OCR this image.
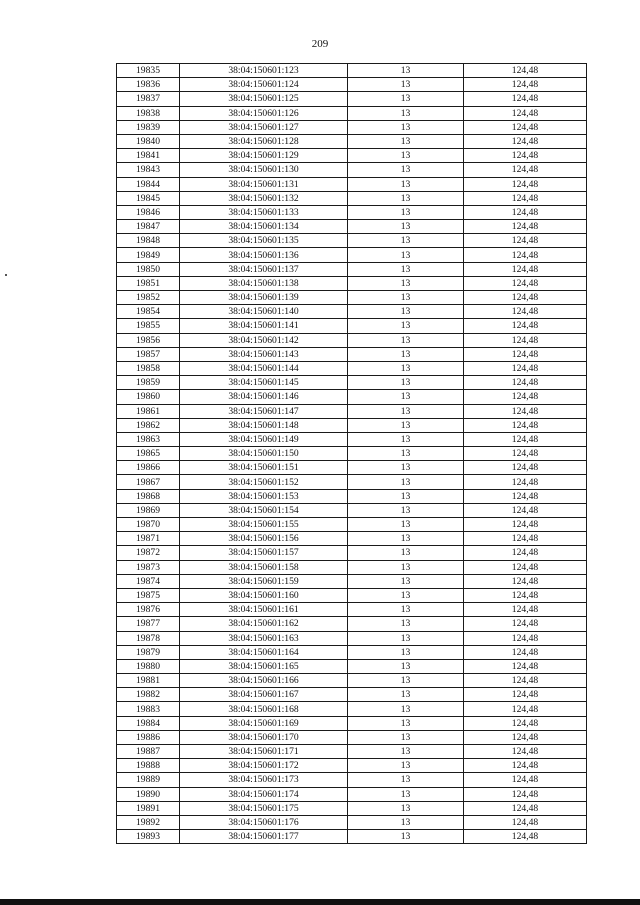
209
19835	38:04:150601:123	13	124,48
19836	38:04:150601:124	13	124,48
19837	38:04:150601:125	13	124,48
19838	38:04:150601:126	13	124,48
19839	38:04:150601:127	13	124,48
19840	38:04:150601:128	13	124,48
19841	38:04:150601:129	13	124,48
19843	38:04:150601:130	13	124,48
19844	38:04:150601:131	13	124,48
19845	38:04:150601:132	13	124,48
19846	38:04:150601:133	13	124,48
19847	38:04:150601:134	13	124,48
19848	38:04:150601:135	13	124,48
19849	38:04:150601:136	13	124,48
19850	38:04:150601:137	13	124,48
19851	38:04:150601:138	13	124,48
19852	38:04:150601:139	13	124,48
19854	38:04:150601:140	13	124,48
19855	38:04:150601:141	13	124,48
19856	38:04:150601:142	13	124,48
19857	38:04:150601:143	13	124,48
19858	38:04:150601:144	13	124,48
19859	38:04:150601:145	13	124,48
19860	38:04:150601:146	13	124,48
19861	38:04:150601:147	13	124,48
19862	38:04:150601:148	13	124,48
19863	38:04:150601:149	13	124,48
19865	38:04:150601:150	13	124,48
19866	38:04:150601:151	13	124,48
19867	38:04:150601:152	13	124,48
19868	38:04:150601:153	13	124,48
19869	38:04:150601:154	13	124,48
19870	38:04:150601:155	13	124,48
19871	38:04:150601:156	13	124,48
19872	38:04:150601:157	13	124,48
19873	38:04:150601:158	13	124,48
19874	38:04:150601:159	13	124,48
19875	38:04:150601:160	13	124,48
19876	38:04:150601:161	13	124,48
19877	38:04:150601:162	13	124,48
19878	38:04:150601:163	13	124,48
19879	38:04:150601:164	13	124,48
19880	38:04:150601:165	13	124,48
19881	38:04:150601:166	13	124,48
19882	38:04:150601:167	13	124,48
19883	38:04:150601:168	13	124,48
19884	38:04:150601:169	13	124,48
19886	38:04:150601:170	13	124,48
19887	38:04:150601:171	13	124,48
19888	38:04:150601:172	13	124,48
19889	38:04:150601:173	13	124,48
19890	38:04:150601:174	13	124,48
19891	38:04:150601:175	13	124,48
19892	38:04:150601:176	13	124,48
19893	38:04:150601:177	13	124,48
